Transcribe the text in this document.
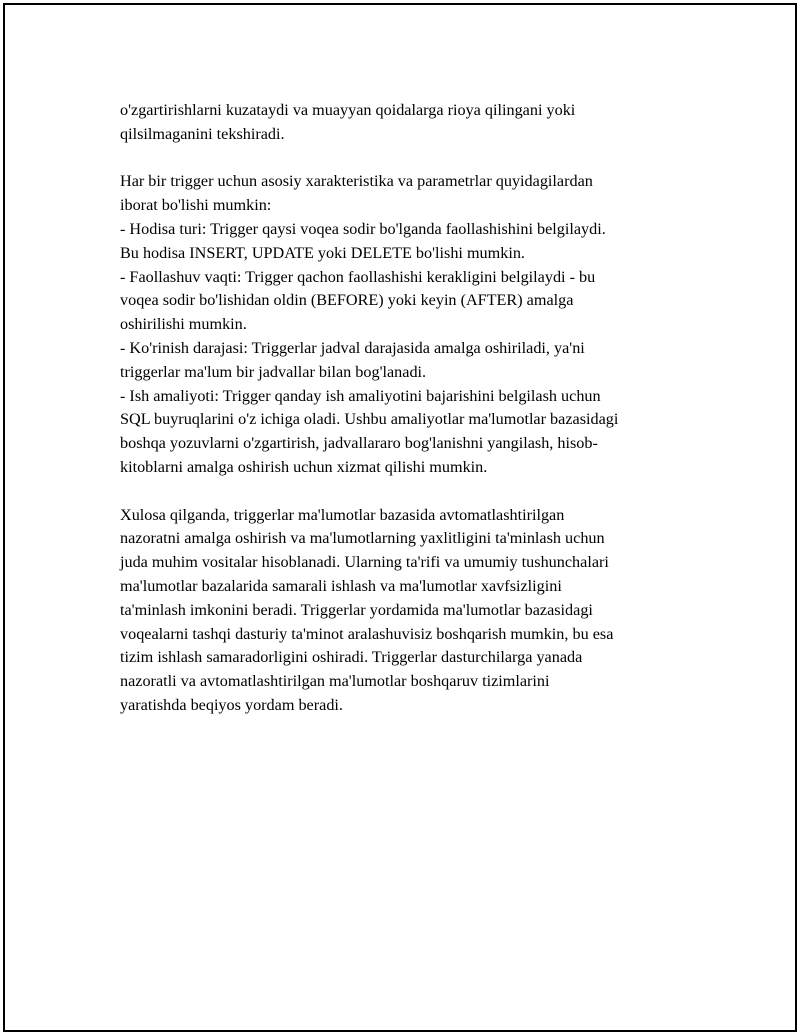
o'zgartirishlarni kuzataydi va muayyan qoidalarga rioya qilingani yoki
qilsilmaganini tekshiradi.

Har bir trigger uchun asosiy xarakteristika va parametrlar quyidagilardan
iborat bo'lishi mumkin:
- Hodisa turi: Trigger qaysi voqea sodir bo'lganda faollashishini belgilaydi.
Bu hodisa INSERT, UPDATE yoki DELETE bo'lishi mumkin.
- Faollashuv vaqti: Trigger qachon faollashishi kerakligini belgilaydi - bu
voqea sodir bo'lishidan oldin (BEFORE) yoki keyin (AFTER) amalga
oshirilishi mumkin.
- Ko'rinish darajasi: Triggerlar jadval darajasida amalga oshiriladi, ya'ni
triggerlar ma'lum bir jadvallar bilan bog'lanadi.
- Ish amaliyoti: Trigger qanday ish amaliyotini bajarishini belgilash uchun
SQL buyruqlarini o'z ichiga oladi. Ushbu amaliyotlar ma'lumotlar bazasidagi
boshqa yozuvlarni o'zgartirish, jadvallararo bog'lanishni yangilash, hisob-
kitoblarni amalga oshirish uchun xizmat qilishi mumkin.

Xulosa qilganda, triggerlar ma'lumotlar bazasida avtomatlashtirilgan
nazoratni amalga oshirish va ma'lumotlarning yaxlitligini ta'minlash uchun
juda muhim vositalar hisoblanadi. Ularning ta'rifi va umumiy tushunchalari
ma'lumotlar bazalarida samarali ishlash va ma'lumotlar xavfsizligini
ta'minlash imkonini beradi. Triggerlar yordamida ma'lumotlar bazasidagi
voqealarni tashqi dasturiy ta'minot aralashuvisiz boshqarish mumkin, bu esa
tizim ishlash samaradorligini oshiradi. Triggerlar dasturchilarga yanada
nazoratli va avtomatlashtirilgan ma'lumotlar boshqaruv tizimlarini
yaratishda beqiyos yordam beradi.
